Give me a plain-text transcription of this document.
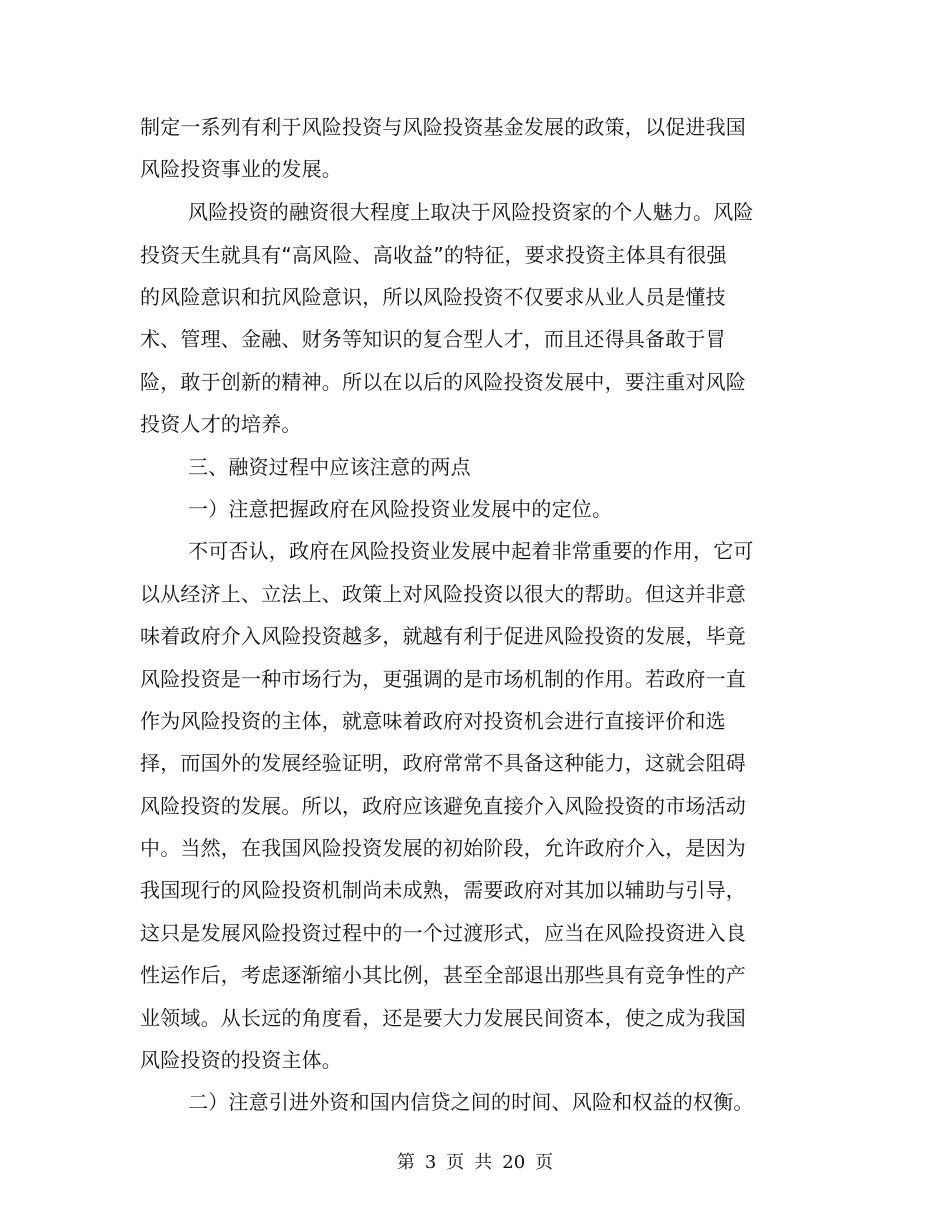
制定一系列有利于风险投资与风险投资基金发展的政策，以促进我国
风险投资事业的发展。
风险投资的融资很大程度上取决于风险投资家的个人魅力。风险
投资天生就具有“高风险、高收益”的特征，要求投资主体具有很强
的风险意识和抗风险意识，所以风险投资不仅要求从业人员是懂技
术、管理、金融、财务等知识的复合型人才，而且还得具备敢于冒
险，敢于创新的精神。所以在以后的风险投资发展中，要注重对风险
投资人才的培养。
三、融资过程中应该注意的两点
一）注意把握政府在风险投资业发展中的定位。
不可否认，政府在风险投资业发展中起着非常重要的作用，它可
以从经济上、立法上、政策上对风险投资以很大的帮助。但这并非意
味着政府介入风险投资越多，就越有利于促进风险投资的发展，毕竟
风险投资是一种市场行为，更强调的是市场机制的作用。若政府一直
作为风险投资的主体，就意味着政府对投资机会进行直接评价和选
择，而国外的发展经验证明，政府常常不具备这种能力，这就会阻碍
风险投资的发展。所以，政府应该避免直接介入风险投资的市场活动
中。当然，在我国风险投资发展的初始阶段，允许政府介入，是因为
我国现行的风险投资机制尚未成熟，需要政府对其加以辅助与引导，
这只是发展风险投资过程中的一个过渡形式，应当在风险投资进入良
性运作后，考虑逐渐缩小其比例，甚至全部退出那些具有竞争性的产
业领域。从长远的角度看，还是要大力发展民间资本，使之成为我国
风险投资的投资主体。
二）注意引进外资和国内信贷之间的时间、风险和权益的权衡。
第 3 页 共 20 页
